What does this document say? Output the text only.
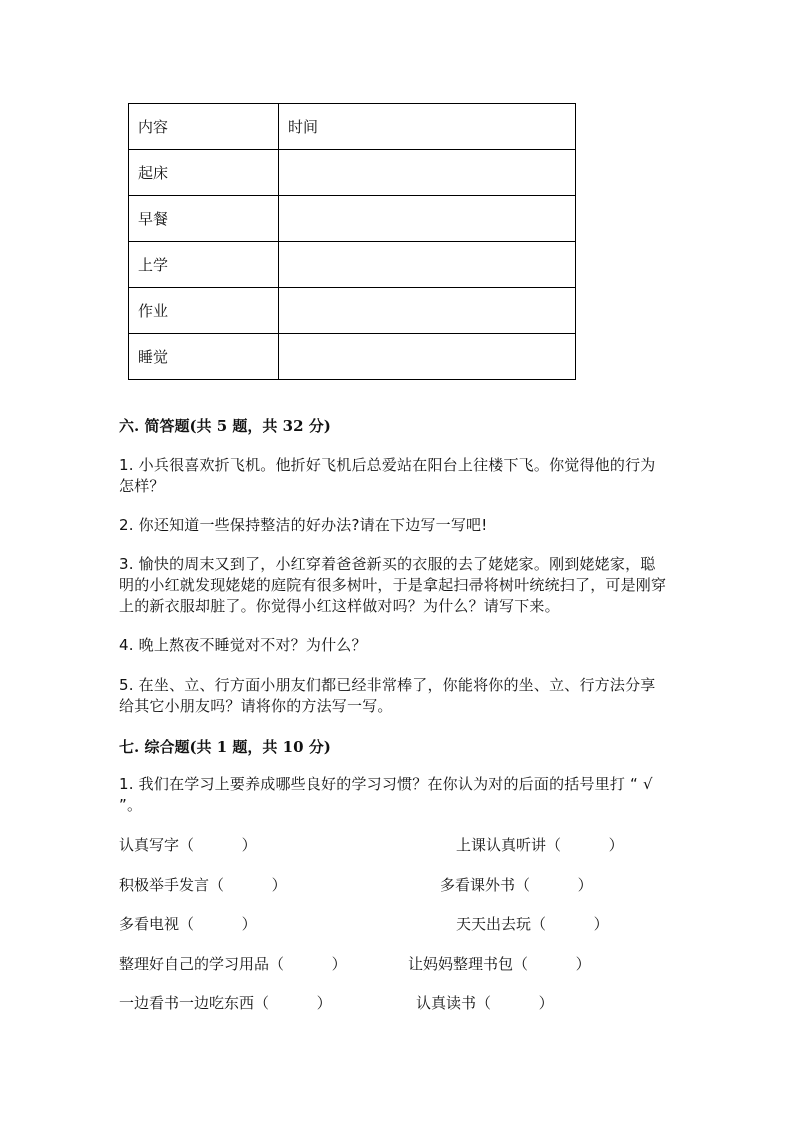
内容	时间
起床	
早餐	
上学	
作业	
睡觉	
六. 简答题(共 5 题，共 32 分)
1. 小兵很喜欢折飞机。他折好飞机后总爱站在阳台上往楼下飞。你觉得他的行为怎样？
2. 你还知道一些保持整洁的好办法?请在下边写一写吧!
3. 愉快的周末又到了，小红穿着爸爸新买的衣服的去了姥姥家。刚到姥姥家，聪明的小红就发现姥姥的庭院有很多树叶，于是拿起扫帚将树叶统统扫了，可是刚穿上的新衣服却脏了。你觉得小红这样做对吗？为什么？请写下来。
4. 晚上熬夜不睡觉对不对？为什么？
5. 在坐、立、行方面小朋友们都已经非常棒了，你能将你的坐、立、行方法分享给其它小朋友吗？请将你的方法写一写。
七. 综合题(共 1 题，共 10 分)
1. 我们在学习上要养成哪些良好的学习习惯？在你认为对的后面的括号里打 “ √ ”。
认真写字（          ）	上课认真听讲（          ）
积极举手发言（          ）	多看课外书（          ）
多看电视（          ）	天天出去玩（          ）
整理好自己的学习用品（          ）	让妈妈整理书包（          ）
一边看书一边吃东西（          ）	认真读书（          ）
